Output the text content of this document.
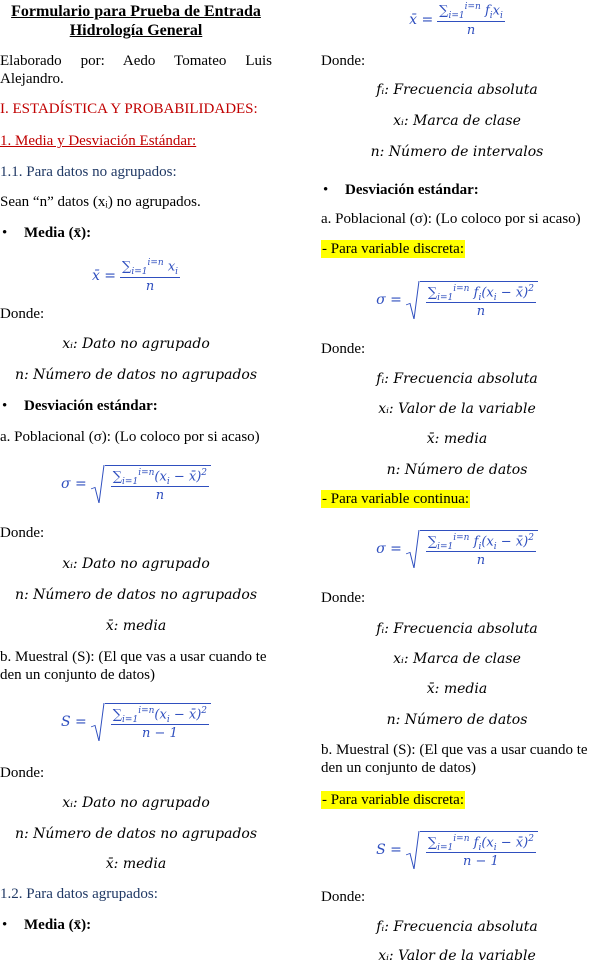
Formulario para Prueba de Entrada Hidrología General
Elaborado por: Aedo Tomateo Luis Alejandro.
I. ESTADÍSTICA Y PROBABILIDADES:
1. Media y Desviación Estándar:
1.1. Para datos no agrupados:
Sean “n” datos (xᵢ) no agrupados.
• Media (x̄):
x̄ = $\frac{\sum_{i=1}^{i=n} x_i}{n}$
Donde:
xᵢ: Dato no agrupado
n: Número de datos no agrupados
• Desviación estándar:
a. Poblacional (σ): (Lo coloco por si acaso)
$\sigma = \frac{\sum_{i=1}^{i=n}(x_i - x̄)^2}{n}$
Donde:
xᵢ: Dato no agrupado
n: Número de datos no agrupados
x̄: media
b. Muestral (S): (El que vas a usar cuando te den un conjunto de datos)
$S = \frac{\sum_{i=1}^{i=n}(x_i - x̄)^2}{n - 1}$
Donde:
xᵢ: Dato no agrupado
n: Número de datos no agrupados
x̄: media
1.2. Para datos agrupados:
• Media (x̄):
x̄ = $\frac{\sum_{i=1}^{i=n} f_ix_i}{n}$
Donde:
fᵢ: Frecuencia absoluta
xᵢ: Marca de clase
n: Número de intervalos
• Desviación estándar:
a. Poblacional (σ): (Lo coloco por si acaso)
- Para variable discreta:
$\sigma = \frac{\sum_{i=1}^{i=n} f_i(x_i - x̄)^2}{n}$
Donde:
fᵢ: Frecuencia absoluta
xᵢ: Valor de la variable
x̄: media
n: Número de datos
- Para variable continua:
$\sigma = \frac{\sum_{i=1}^{i=n} f_i(x_i - x̄)^2}{n}$
Donde:
fᵢ: Frecuencia absoluta
xᵢ: Marca de clase
x̄: media
n: Número de datos
b. Muestral (S): (El que vas a usar cuando te den un conjunto de datos)
- Para variable discreta:
$S = \frac{\sum_{i=1}^{i=n} f_i(x_i - x̄)^2}{n - 1}$
Donde:
fᵢ: Frecuencia absoluta
xᵢ: Valor de la variable
